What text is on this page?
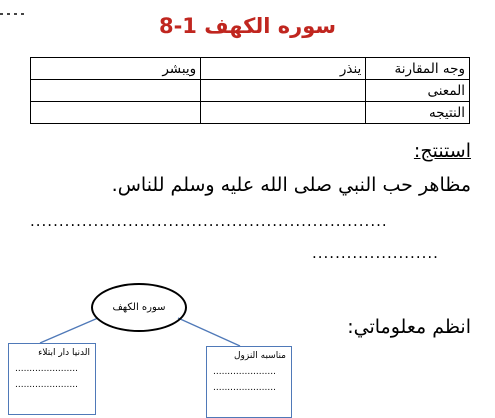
سوره الكهف 1-8
وجه المقارنة	ينذر	ويبشر
المعنى		
النتيجه		
استنتج:
مظاهر حب النبي صلى الله عليه وسلم للناس.
..............................................................
......................
انظم معلوماتي:
سوره الكهف
الدنيا دار ابتلاء
......................
......................
مناسبه النزول
......................
......................
